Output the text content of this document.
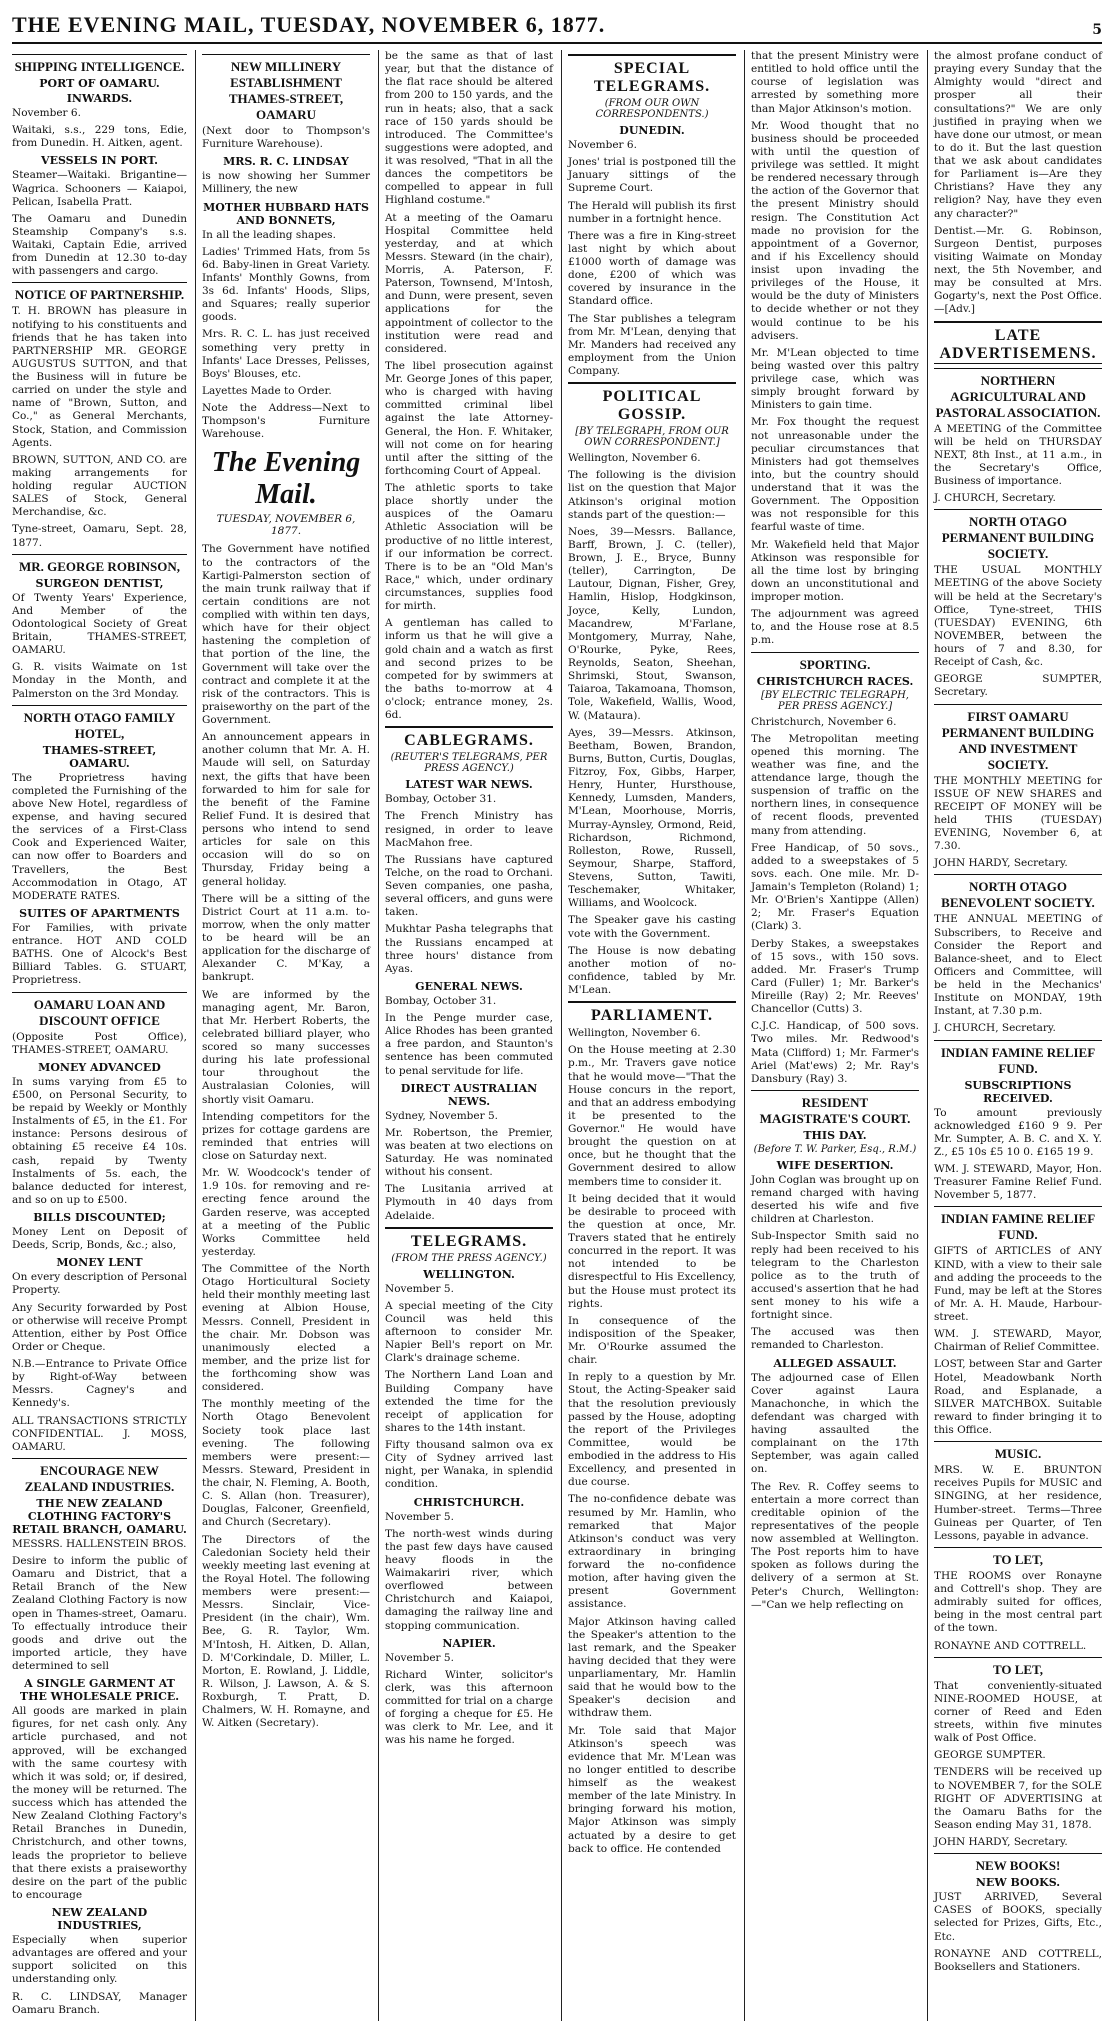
THE EVENING MAIL, TUESDAY, NOVEMBER 6, 1877.	5
SHIPPING INTELLIGENCE.
PORT OF OAMARU.
INWARDS.

November 6.

Waitaki, s.s., 229 tons, Edie, from Dunedin. H. Aitken, agent.

VESSELS IN PORT.

Steamer—Waitaki. Brigantine—Wagrica. Schooners — Kaiapoi, Pelican, Isabella Pratt.

The Oamaru and Dunedin Steamship Company's s.s. Waitaki, Captain Edie, arrived from Dunedin at 12.30 to-day with passengers and cargo.

NOTICE OF PARTNERSHIP.

T. H. BROWN has pleasure in notifying to his constituents and friends that he has taken into PARTNERSHIP MR. GEORGE AUGUSTUS SUTTON, and that the Business will in future be carried on under the style and name of "Brown, Sutton, and Co.," as General Merchants, Stock, Station, and Commission Agents.

BROWN, SUTTON, AND CO. are making arrangements for holding regular AUCTION SALES of Stock, General Merchandise, &c.

Tyne-street, Oamaru, Sept. 28, 1877.

MR. GEORGE ROBINSON,
SURGEON DENTIST,

Of Twenty Years' Experience, And Member of the Odontological Society of Great Britain, THAMES-STREET, OAMARU.

G. R. visits Waimate on 1st Monday in the Month, and Palmerston on the 3rd Monday.

NORTH OTAGO FAMILY HOTEL,
THAMES-STREET, OAMARU.

The Proprietress having completed the Furnishing of the above New Hotel, regardless of expense, and having secured the services of a First-Class Cook and Experienced Waiter, can now offer to Boarders and Travellers, the Best Accommodation in Otago, AT MODERATE RATES.

SUITES OF APARTMENTS

For Families, with private entrance. HOT AND COLD BATHS. One of Alcock's Best Billiard Tables. G. STUART, Proprietress.

OAMARU LOAN AND DISCOUNT OFFICE

(Opposite Post Office), THAMES-STREET, OAMARU.

MONEY ADVANCED

In sums varying from £5 to £500, on Personal Security, to be repaid by Weekly or Monthly Instalments of £5, in the £1. For instance: Persons desirous of obtaining £5 receive £4 10s. cash, repaid by Twenty Instalments of 5s. each, the balance deducted for interest, and so on up to £500.

BILLS DISCOUNTED;

Money Lent on Deposit of Deeds, Scrip, Bonds, &c.; also,

MONEY LENT

On every description of Personal Property.

Any Security forwarded by Post or otherwise will receive Prompt Attention, either by Post Office Order or Cheque.

N.B.—Entrance to Private Office by Right-of-Way between Messrs. Cagney's and Kennedy's.

ALL TRANSACTIONS STRICTLY CONFIDENTIAL. J. MOSS, OAMARU.

ENCOURAGE NEW ZEALAND INDUSTRIES.
THE NEW ZEALAND CLOTHING FACTORY'S RETAIL BRANCH, OAMARU.

MESSRS. HALLENSTEIN BROS.

Desire to inform the public of Oamaru and District, that a Retail Branch of the New Zealand Clothing Factory is now open in Thames-street, Oamaru. To effectually introduce their goods and drive out the imported article, they have determined to sell

A SINGLE GARMENT AT THE WHOLESALE PRICE.

All goods are marked in plain figures, for net cash only. Any article purchased, and not approved, will be exchanged with the same courtesy with which it was sold; or, if desired, the money will be returned. The success which has attended the New Zealand Clothing Factory's Retail Branches in Dunedin, Christchurch, and other towns, leads the proprietor to believe that there exists a praiseworthy desire on the part of the public to encourage

NEW ZEALAND INDUSTRIES,

Especially when superior advantages are offered and your support solicited on this understanding only.

R. C. LINDSAY, Manager Oamaru Branch.

NEW MILLINERY ESTABLISHMENT THAMES-STREET, OAMARU

(Next door to Thompson's Furniture Warehouse).

MRS. R. C. LINDSAY

is now showing her Summer Millinery, the new

MOTHER HUBBARD HATS AND BONNETS,

In all the leading shapes.

Ladies' Trimmed Hats, from 5s 6d. Baby-linen in Great Variety. Infants' Monthly Gowns, from 3s 6d. Infants' Hoods, Slips, and Squares; really superior goods.

Mrs. R. C. L. has just received something very pretty in Infants' Lace Dresses, Pelisses, Boys' Blouses, etc.

Layettes Made to Order.

Note the Address—Next to Thompson's Furniture Warehouse.

The Evening Mail.
TUESDAY, NOVEMBER 6, 1877.

The Government have notified to the contractors of the Kartigi-Palmerston section of the main trunk railway that if certain conditions are not complied with within ten days, which have for their object hastening the completion of that portion of the line, the Government will take over the contract and complete it at the risk of the contractors. This is praiseworthy on the part of the Government.

An announcement appears in another column that Mr. A. H. Maude will sell, on Saturday next, the gifts that have been forwarded to him for sale for the benefit of the Famine Relief Fund. It is desired that persons who intend to send articles for sale on this occasion will do so on Thursday, Friday being a general holiday.

There will be a sitting of the District Court at 11 a.m. to-morrow, when the only matter to be heard will be an application for the discharge of Alexander C. M'Kay, a bankrupt.

We are informed by the managing agent, Mr. Baron, that Mr. Herbert Roberts, the celebrated billiard player, who scored so many successes during his late professional tour throughout the Australasian Colonies, will shortly visit Oamaru.

Intending competitors for the prizes for cottage gardens are reminded that entries will close on Saturday next.

Mr. W. Woodcock's tender of 1.9 10s. for removing and re-erecting fence around the Garden reserve, was accepted at a meeting of the Public Works Committee held yesterday.

The Committee of the North Otago Horticultural Society held their monthly meeting last evening at Albion House, Messrs. Connell, President in the chair. Mr. Dobson was unanimously elected a member, and the prize list for the forthcoming show was considered.

The monthly meeting of the North Otago Benevolent Society took place last evening. The following members were present:— Messrs. Steward, President in the chair, N. Fleming, A. Booth, C. S. Allan (hon. Treasurer), Douglas, Falconer, Greenfield, and Church (Secretary).

The Directors of the Caledonian Society held their weekly meeting last evening at the Royal Hotel. The following members were present:—Messrs. Sinclair, Vice-President (in the chair), Wm. Bee, G. R. Taylor, Wm. M'Intosh, H. Aitken, D. Allan, D. M'Corkindale, D. Miller, L. Morton, E. Rowland, J. Liddle, R. Wilson, J. Lawson, A. & S. Roxburgh, T. Pratt, D. Chalmers, W. H. Romayne, and W. Aitken (Secretary).

be the same as that of last year, but that the distance of the flat race should be altered from 200 to 150 yards, and the run in heats; also, that a sack race of 150 yards should be introduced. The Committee's suggestions were adopted, and it was resolved, "That in all the dances the competitors be compelled to appear in full Highland costume."

At a meeting of the Oamaru Hospital Committee held yesterday, and at which Messrs. Steward (in the chair), Morris, A. Paterson, F. Paterson, Townsend, M'Intosh, and Dunn, were present, seven applications for the appointment of collector to the institution were read and considered.

The libel prosecution against Mr. George Jones of this paper, who is charged with having committed criminal libel against the late Attorney-General, the Hon. F. Whitaker, will not come on for hearing until after the sitting of the forthcoming Court of Appeal.

The athletic sports to take place shortly under the auspices of the Oamaru Athletic Association will be productive of no little interest, if our information be correct. There is to be an "Old Man's Race," which, under ordinary circumstances, supplies food for mirth.

A gentleman has called to inform us that he will give a gold chain and a watch as first and second prizes to be competed for by swimmers at the baths to-morrow at 4 o'clock; entrance money, 2s. 6d.

CABLEGRAMS.
(REUTER'S TELEGRAMS, PER PRESS AGENCY.)
LATEST WAR NEWS.

Bombay, October 31.

The French Ministry has resigned, in order to leave MacMahon free.

The Russians have captured Telche, on the road to Orchani. Seven companies, one pasha, several officers, and guns were taken.

Mukhtar Pasha telegraphs that the Russians encamped at three hours' distance from Ayas.

GENERAL NEWS.

Bombay, October 31.

In the Penge murder case, Alice Rhodes has been granted a free pardon, and Staunton's sentence has been commuted to penal servitude for life.

DIRECT AUSTRALIAN NEWS.

Sydney, November 5.

Mr. Robertson, the Premier, was beaten at two elections on Saturday. He was nominated without his consent.

The Lusitania arrived at Plymouth in 40 days from Adelaide.

TELEGRAMS.
(FROM THE PRESS AGENCY.)
WELLINGTON.

November 5.

A special meeting of the City Council was held this afternoon to consider Mr. Napier Bell's report on Mr. Clark's drainage scheme.

The Northern Land Loan and Building Company have extended the time for the receipt of application for shares to the 14th instant.

Fifty thousand salmon ova ex City of Sydney arrived last night, per Wanaka, in splendid condition.

CHRISTCHURCH.

November 5.

The north-west winds during the past few days have caused heavy floods in the Waimakariri river, which overflowed between Christchurch and Kaiapoi, damaging the railway line and stopping communication.

NAPIER.

November 5.

Richard Winter, solicitor's clerk, was this afternoon committed for trial on a charge of forging a cheque for £5. He was clerk to Mr. Lee, and it was his name he forged.

SPECIAL TELEGRAMS.
(FROM OUR OWN CORRESPONDENTS.)
DUNEDIN.

November 6.

Jones' trial is postponed till the January sittings of the Supreme Court.

The Herald will publish its first number in a fortnight hence.

There was a fire in King-street last night by which about £1000 worth of damage was done, £200 of which was covered by insurance in the Standard office.

The Star publishes a telegram from Mr. M'Lean, denying that Mr. Manders had received any employment from the Union Company.

POLITICAL GOSSIP.
[BY TELEGRAPH, FROM OUR OWN CORRESPONDENT.]

Wellington, November 6.

The following is the division list on the question that Major Atkinson's original motion stands part of the question:—

Noes, 39—Messrs. Ballance, Barff, Brown, J. C. (teller), Brown, J. E., Bryce, Bunny (teller), Carrington, De Lautour, Dignan, Fisher, Grey, Hamlin, Hislop, Hodgkinson, Joyce, Kelly, Lundon, Macandrew, M'Farlane, Montgomery, Murray, Nahe, O'Rourke, Pyke, Rees, Reynolds, Seaton, Sheehan, Shrimski, Stout, Swanson, Taiaroa, Takamoana, Thomson, Tole, Wakefield, Wallis, Wood, W. (Mataura).

Ayes, 39—Messrs. Atkinson, Beetham, Bowen, Brandon, Burns, Button, Curtis, Douglas, Fitzroy, Fox, Gibbs, Harper, Henry, Hunter, Hursthouse, Kennedy, Lumsden, Manders, M'Lean, Moorhouse, Morris, Murray-Aynsley, Ormond, Reid, Richardson, Richmond, Rolleston, Rowe, Russell, Seymour, Sharpe, Stafford, Stevens, Sutton, Tawiti, Teschemaker, Whitaker, Williams, and Woolcock.

The Speaker gave his casting vote with the Government.

The House is now debating another motion of no-confidence, tabled by Mr. M'Lean.

PARLIAMENT.

Wellington, November 6.

On the House meeting at 2.30 p.m., Mr. Travers gave notice that he would move—"That the House concurs in the report, and that an address embodying it be presented to the Governor." He would have brought the question on at once, but he thought that the Government desired to allow members time to consider it.

It being decided that it would be desirable to proceed with the question at once, Mr. Travers stated that he entirely concurred in the report. It was not intended to be disrespectful to His Excellency, but the House must protect its rights.

In consequence of the indisposition of the Speaker, Mr. O'Rourke assumed the chair.

In reply to a question by Mr. Stout, the Acting-Speaker said that the resolution previously passed by the House, adopting the report of the Privileges Committee, would be embodied in the address to His Excellency, and presented in due course.

The no-confidence debate was resumed by Mr. Hamlin, who remarked that Major Atkinson's conduct was very extraordinary in bringing forward the no-confidence motion, after having given the present Government assistance.

Major Atkinson having called the Speaker's attention to the last remark, and the Speaker having decided that they were unparliamentary, Mr. Hamlin said that he would bow to the Speaker's decision and withdraw them.

Mr. Tole said that Major Atkinson's speech was evidence that Mr. M'Lean was no longer entitled to describe himself as the weakest member of the late Ministry. In bringing forward his motion, Major Atkinson was simply actuated by a desire to get back to office. He contended

that the present Ministry were entitled to hold office until the course of legislation was arrested by something more than Major Atkinson's motion.

Mr. Wood thought that no business should be proceeded with until the question of privilege was settled. It might be rendered necessary through the action of the Governor that the present Ministry should resign. The Constitution Act made no provision for the appointment of a Governor, and if his Excellency should insist upon invading the privileges of the House, it would be the duty of Ministers to decide whether or not they would continue to be his advisers.

Mr. M'Lean objected to time being wasted over this paltry privilege case, which was simply brought forward by Ministers to gain time.

Mr. Fox thought the request not unreasonable under the peculiar circumstances that Ministers had got themselves into, but the country should understand that it was the Government. The Opposition was not responsible for this fearful waste of time.

Mr. Wakefield held that Major Atkinson was responsible for all the time lost by bringing down an unconstitutional and improper motion.

The adjournment was agreed to, and the House rose at 8.5 p.m.

SPORTING.
CHRISTCHURCH RACES.
[BY ELECTRIC TELEGRAPH, PER PRESS AGENCY.]

Christchurch, November 6.

The Metropolitan meeting opened this morning. The weather was fine, and the attendance large, though the suspension of traffic on the northern lines, in consequence of recent floods, prevented many from attending.

Free Handicap, of 50 sovs., added to a sweepstakes of 5 sovs. each. One mile. Mr. D-Jamain's Templeton (Roland) 1; Mr. O'Brien's Xantippe (Allen) 2; Mr. Fraser's Equation (Clark) 3.

Derby Stakes, a sweepstakes of 15 sovs., with 150 sovs. added. Mr. Fraser's Trump Card (Fuller) 1; Mr. Barker's Mireille (Ray) 2; Mr. Reeves' Chancellor (Cutts) 3.

C.J.C. Handicap, of 500 sovs. Two miles. Mr. Redwood's Mata (Clifford) 1; Mr. Farmer's Ariel (Mat'ews) 2; Mr. Ray's Dansbury (Ray) 3.

RESIDENT MAGISTRATE'S COURT.
THIS DAY.
(Before T. W. Parker, Esq., R.M.)
WIFE DESERTION.

John Coglan was brought up on remand charged with having deserted his wife and five children at Charleston.

Sub-Inspector Smith said no reply had been received to his telegram to the Charleston police as to the truth of accused's assertion that he had sent money to his wife a fortnight since.

The accused was then remanded to Charleston.

ALLEGED ASSAULT.

The adjourned case of Ellen Cover against Laura Manachonche, in which the defendant was charged with having assaulted the complainant on the 17th September, was again called on.

The Rev. R. Coffey seems to entertain a more correct than creditable opinion of the representatives of the people now assembled at Wellington. The Post reports him to have spoken as follows during the delivery of a sermon at St. Peter's Church, Wellington:—"Can we help reflecting on

the almost profane conduct of praying every Sunday that the Almighty would "direct and prosper all their consultations?" We are only justified in praying when we have done our utmost, or mean to do it. But the last question that we ask about candidates for Parliament is—Are they Christians? Have they any religion? Nay, have they even any character?"

Dentist.—Mr. G. Robinson, Surgeon Dentist, purposes visiting Waimate on Monday next, the 5th November, and may be consulted at Mrs. Gogarty's, next the Post Office.—[Adv.]

LATE ADVERTISEMENS.
NORTHERN AGRICULTURAL AND PASTORAL ASSOCIATION.

A MEETING of the Committee will be held on THURSDAY NEXT, 8th Inst., at 11 a.m., in the Secretary's Office, Business of importance.

J. CHURCH, Secretary.

NORTH OTAGO PERMANENT BUILDING SOCIETY.

THE USUAL MONTHLY MEETING of the above Society will be held at the Secretary's Office, Tyne-street, THIS (TUESDAY) EVENING, 6th NOVEMBER, between the hours of 7 and 8.30, for Receipt of Cash, &c.

GEORGE SUMPTER, Secretary.

FIRST OAMARU PERMANENT BUILDING AND INVESTMENT SOCIETY.

THE MONTHLY MEETING for ISSUE OF NEW SHARES and RECEIPT OF MONEY will be held THIS (TUESDAY) EVENING, November 6, at 7.30.

JOHN HARDY, Secretary.

NORTH OTAGO BENEVOLENT SOCIETY.

THE ANNUAL MEETING of Subscribers, to Receive and Consider the Report and Balance-sheet, and to Elect Officers and Committee, will be held in the Mechanics' Institute on MONDAY, 19th Instant, at 7.30 p.m.

J. CHURCH, Secretary.

INDIAN FAMINE RELIEF FUND.
SUBSCRIPTIONS RECEIVED.

To amount previously acknowledged £160 9 9. Per Mr. Sumpter, A. B. C. and X. Y. Z., £5 10s £5 10 0. £165 19 9.

WM. J. STEWARD, Mayor, Hon. Treasurer Famine Relief Fund. November 5, 1877.

INDIAN FAMINE RELIEF FUND.

GIFTS of ARTICLES of ANY KIND, with a view to their sale and adding the proceeds to the Fund, may be left at the Stores of Mr. A. H. Maude, Harbour-street.

WM. J. STEWARD, Mayor, Chairman of Relief Committee.

LOST, between Star and Garter Hotel, Meadowbank North Road, and Esplanade, a SILVER MATCHBOX. Suitable reward to finder bringing it to this Office.

MUSIC.

MRS. W. E. BRUNTON receives Pupils for MUSIC and SINGING, at her residence, Humber-street. Terms—Three Guineas per Quarter, of Ten Lessons, payable in advance.

TO LET,

THE ROOMS over Ronayne and Cottrell's shop. They are admirably suited for offices, being in the most central part of the town.

RONAYNE AND COTTRELL.

TO LET,

That conveniently-situated NINE-ROOMED HOUSE, at corner of Reed and Eden streets, within five minutes walk of Post Office.

GEORGE SUMPTER.

TENDERS will be received up to NOVEMBER 7, for the SOLE RIGHT OF ADVERTISING at the Oamaru Baths for the Season ending May 31, 1878.

JOHN HARDY, Secretary.

NEW BOOKS!
NEW BOOKS.

JUST ARRIVED, Several CASES of BOOKS, specially selected for Prizes, Gifts, Etc., Etc.

RONAYNE AND COTTRELL, Booksellers and Stationers.
